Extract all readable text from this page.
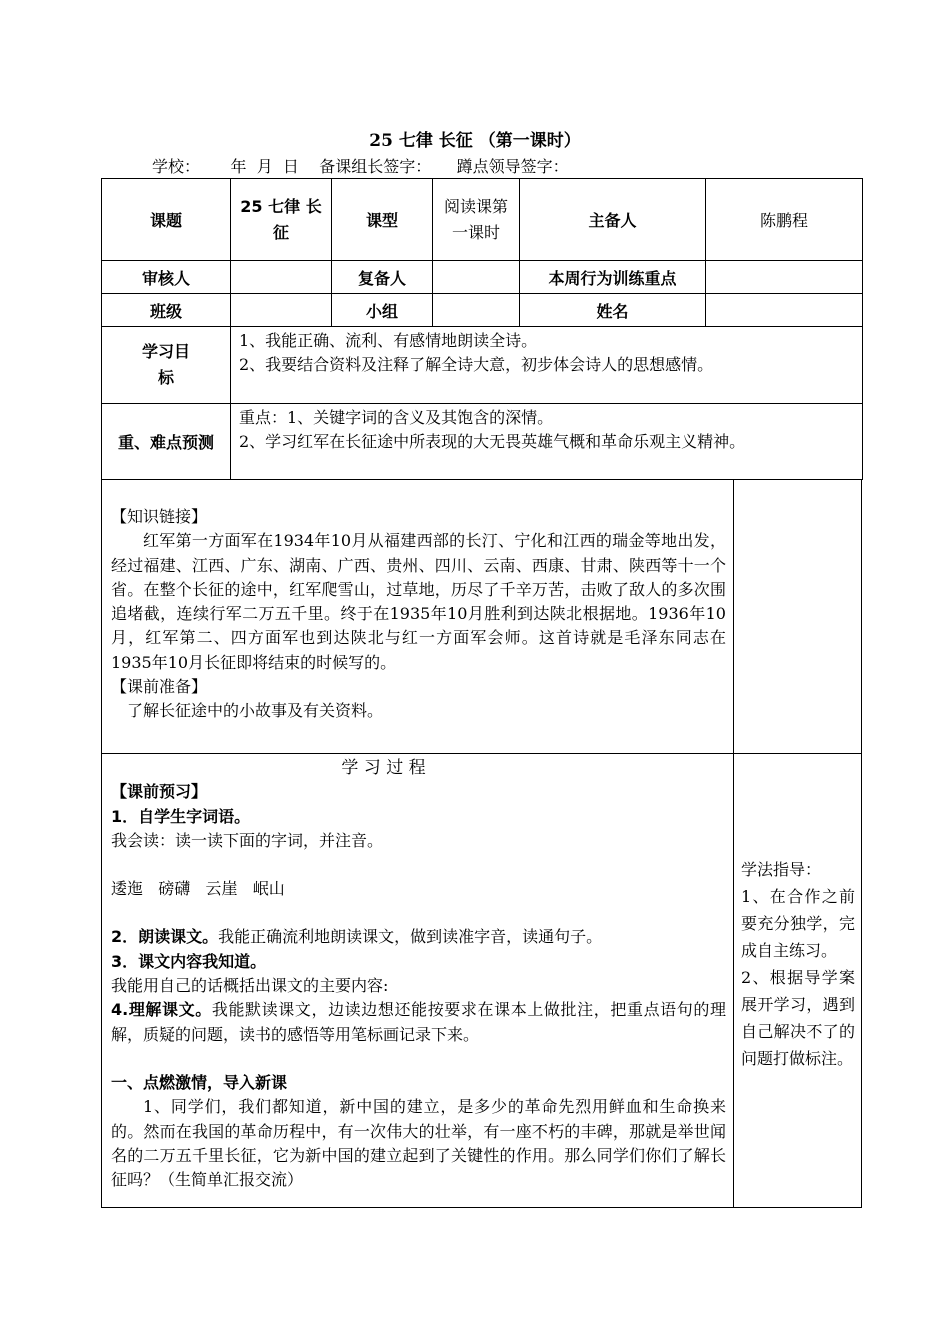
25 七律 长征 （第一课时）
学校：      年  月  日    备课组长签字：     蹲点领导签字：
课题	25 七律 长征	课型	阅读课第一课时	主备人	陈鹏程
审核人		复备人		本周行为训练重点	
班级		小组		姓名	
学习目标	1、我能正确、流利、有感情地朗读全诗。
2、我要结合资料及注释了解全诗大意，初步体会诗人的思想感情。				

重、难点预测	重点：1、关键字词的含义及其饱含的深情。
2、学习红军在长征途中所表现的大无畏英雄气概和革命乐观主义精神。				
【知识链接】
红军第一方面军在1934年10月从福建西部的长汀、宁化和江西的瑞金等地出发，经过福建、江西、广东、湖南、广西、贵州、四川、云南、西康、甘肃、陕西等十一个省。在整个长征的途中，红军爬雪山，过草地，历尽了千辛万苦，击败了敌人的多次围追堵截，连续行军二万五千里。终于在1935年10月胜利到达陕北根据地。1936年10月，红军第二、四方面军也到达陕北与红一方面军会师。这首诗就是毛泽东同志在1935年10月长征即将结束的时候写的。
【课前准备】
了解长征途中的小故事及有关资料。
学 习 过 程
【课前预习】
1．自学生字词语。
我会读：读一读下面的字词，并注音。
逶迤   磅礴   云崖   岷山
2．朗读课文。我能正确流利地朗读课文，做到读准字音，读通句子。
3．课文内容我知道。
我能用自己的话概括出课文的主要内容:
4.理解课文。我能默读课文，边读边想还能按要求在课本上做批注，把重点语句的理解，质疑的问题，读书的感悟等用笔标画记录下来。
一、点燃激情，导入新课
1、同学们，我们都知道，新中国的建立，是多少的革命先烈用鲜血和生命换来的。然而在我国的革命历程中，有一次伟大的壮举，有一座不朽的丰碑，那就是举世闻名的二万五千里长征，它为新中国的建立起到了关键性的作用。那么同学们你们了解长征吗？（生简单汇报交流）
学法指导：
1、在合作之前要充分独学，完成自主练习。
2、根据导学案展开学习，遇到自己解决不了的问题打做标注。
